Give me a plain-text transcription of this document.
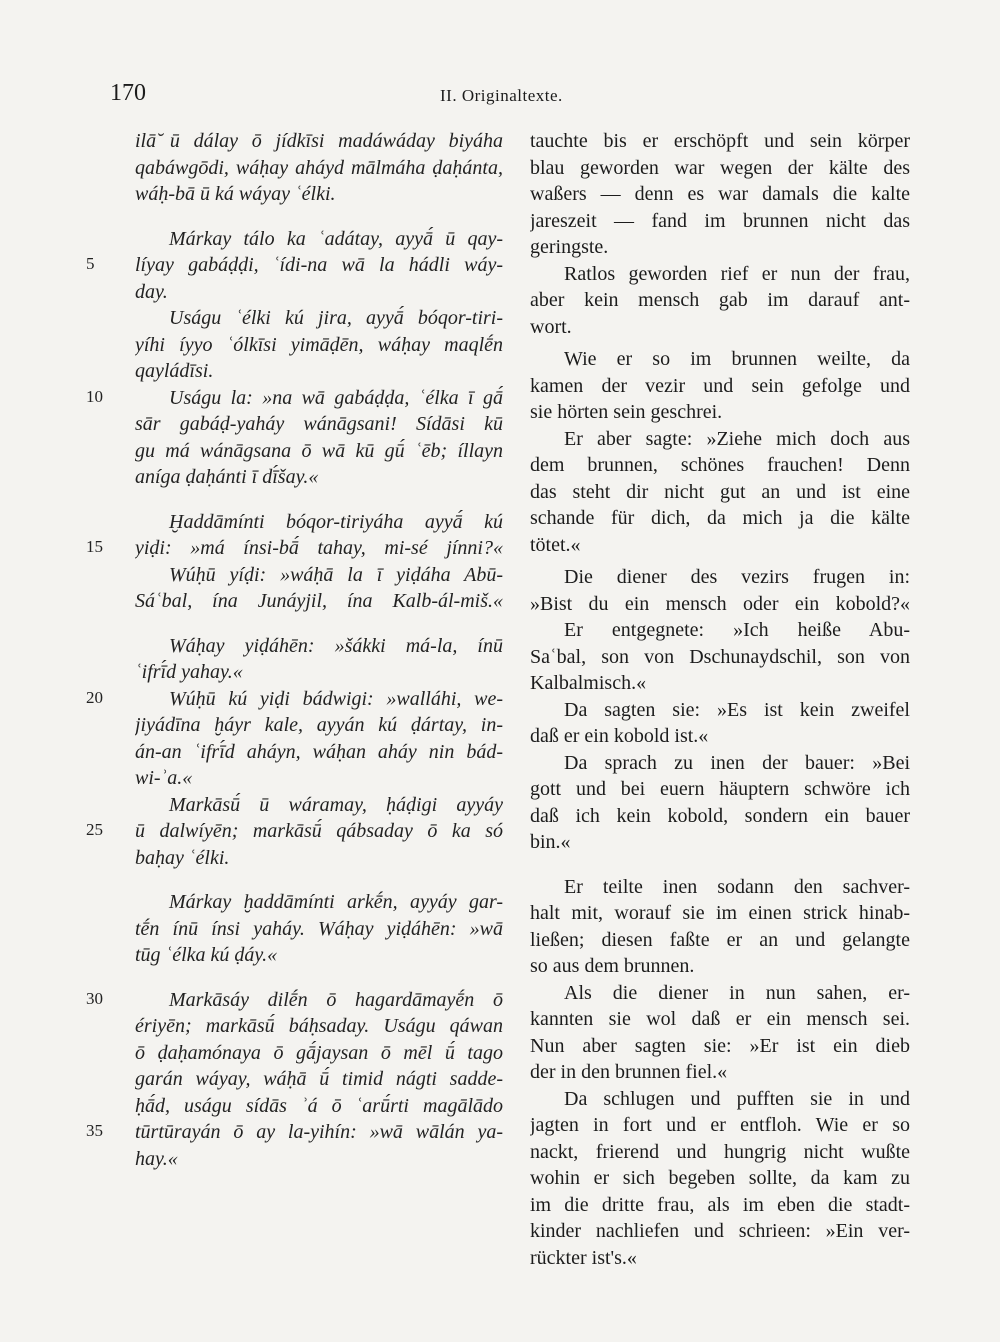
170	II. Originaltexte.
ilā̆ ū dálay ō jídkīsi madáwáday biyáha
qabáwgōdi, wáḥay aháyd mālmáha ḍaḥánta,
wáḥ-bā ū ká wáyay ʿélki.
Márkay tálo ka ʿadátay, ayyā́ ū qay-
líyay gabáḍḍi, ʿídi-na wā la hádli wáy-
day.
Uságu ʿélki kú jira, ayyā́ bóqor-tiri-
yíhi íyyo ʿólkīsi yimāḍēn, wáḥay maqlḗn
qayládīsi.
Uságu la: »na wā gabáḍḍa, ʿélka ī gā́
sār gabáḍ-yaháy wánāgsani! Sídāsi kū
gu má wánāgsana ō wā kū gū́ ʿēb; íllayn
aníga ḍaḥánti ī dī́šay.«
Ḫaddāmínti bóqor-tiriyáha ayyā́ kú
yiḍi: »má ínsi-bā́ tahay, mi-sé jínni?«
Wúḥū yíḍi: »wáḥā la ī yiḍáha Abū-
Sáʿbal, ína Junáyjil, ína Kalb-ál-miš.«
Wáḥay yiḍáhēn: »šákki má-la, ínū
ʿifrī́d yahay.«
Wúḥū kú yiḍi bádwigi: »walláhi, we-
jiyádīna ḫáyr kale, ayyán kú ḍártay, in-
án-an ʿifrī́d aháyn, wáḥan aháy nin bád-
wi-ʾa.«
Markāsū́ ū wáramay, ḥáḍigi ayyáy
ū dalwíyēn; markāsū́ qábsaday ō ka só
baḥay ʿélki.
Márkay ḫaddāmínti arkḗn, ayyáy gar-
tḗn ínū ínsi yaháy. Wáḥay yiḍáhēn: »wā
tūg ʿélka kú ḍáy.«
Markāsáy dilḗn ō hagardāmayḗn ō
ériyēn; markāsū́ báḥsaday. Uságu qáwan
ō ḍaḥamónaya ō gā́jaysan ō mēl ū́ tago
garán wáyay, wáḥā ū́ timid nágti sadde-
ḥā́d, uságu sídās ʾá ō ʿarū́rti magālādo
tūrtūrayán ō ay la-yihín: »wā wālán ya-
hay.«
tauchte bis er erschöpft und sein körper
blau geworden war wegen der kälte des
waßers — denn es war damals die kalte
jareszeit — fand im brunnen nicht das
geringste.
Ratlos geworden rief er nun der frau,
aber kein mensch gab im darauf ant-
wort.
Wie er so im brunnen weilte, da
kamen der vezir und sein gefolge und
sie hörten sein geschrei.
Er aber sagte: »Ziehe mich doch aus
dem brunnen, schönes frauchen! Denn
das steht dir nicht gut an und ist eine
schande für dich, da mich ja die kälte
tötet.«
Die diener des vezirs frugen in:
»Bist du ein mensch oder ein kobold?«
Er entgegnete: »Ich heiße Abu-
Saʿbal, son von Dschunaydschil, son von
Kalbalmisch.«
Da sagten sie: »Es ist kein zweifel
daß er ein kobold ist.«
Da sprach zu inen der bauer: »Bei
gott und bei euern häuptern schwöre ich
daß ich kein kobold, sondern ein bauer
bin.«
Er teilte inen sodann den sachver-
halt mit, worauf sie im einen strick hinab-
ließen; diesen faßte er an und gelangte
so aus dem brunnen.
Als die diener in nun sahen, er-
kannten sie wol daß er ein mensch sei.
Nun aber sagten sie: »Er ist ein dieb
der in den brunnen fiel.«
Da schlugen und pufften sie in und
jagten in fort und er entfloh. Wie er so
nackt, frierend und hungrig nicht wußte
wohin er sich begeben sollte, da kam zu
im die dritte frau, als im eben die stadt-
kinder nachliefen und schrieen: »Ein ver-
rückter ist's.«
5
10
15
20
25
30
35
